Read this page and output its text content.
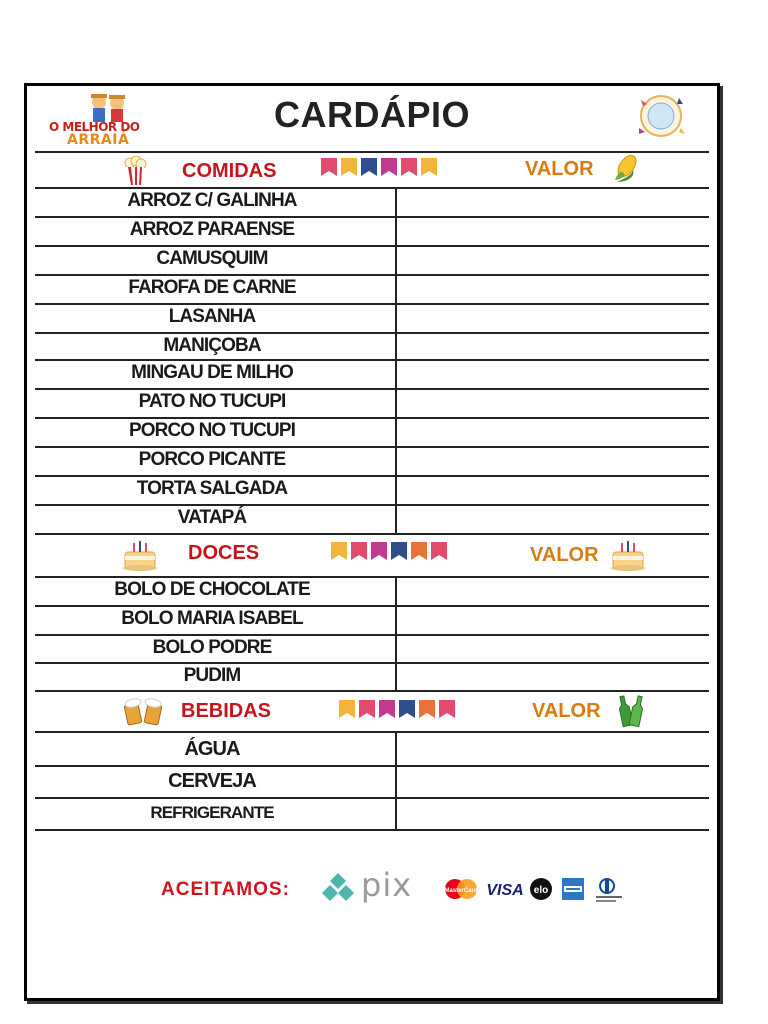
O MELHOR DO
ARRAIÁ
CARDÁPIO
COMIDAS	VALOR
ARROZ C/ GALINHA
ARROZ PARAENSE
CAMUSQUIM
FAROFA DE CARNE
LASANHA
MANIÇOBA
MINGAU DE MILHO
PATO NO TUCUPI
PORCO NO TUCUPI
PORCO PICANTE
TORTA SALGADA
VATAPÁ
DOCES	VALOR
BOLO DE CHOCOLATE
BOLO MARIA ISABEL
BOLO PODRE
PUDIM
BEBIDAS	VALOR
ÁGUA
CERVEJA
REFRIGERANTE
ACEITAMOS: pix	MasterCard VISA elo
